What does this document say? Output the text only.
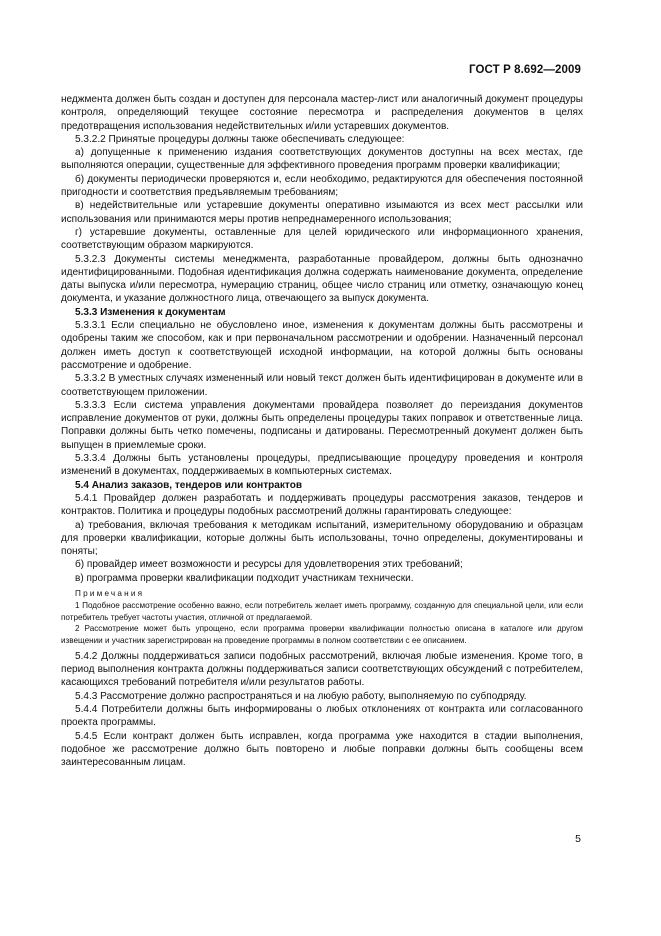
ГОСТ Р 8.692—2009

неджмента должен быть создан и доступен для персонала мастер-лист или аналогичный документ процедуры контроля, определяющий текущее состояние пересмотра и распределения документов в целях предотвращения использования недействительных и/или устаревших документов.

5.3.2.2 Принятые процедуры должны также обеспечивать следующее:

а) допущенные к применению издания соответствующих документов доступны на всех местах, где выполняются операции, существенные для эффективного проведения программ проверки квалификации;

б) документы периодически проверяются и, если необходимо, редактируются для обеспечения постоянной пригодности и соответствия предъявляемым требованиям;

в) недействительные или устаревшие документы оперативно изымаются из всех мест рассылки или использования или принимаются меры против непреднамеренного использования;

г) устаревшие документы, оставленные для целей юридического или информационного хранения, соответствующим образом маркируются.

5.3.2.3 Документы системы менеджмента, разработанные провайдером, должны быть однозначно идентифицированными. Подобная идентификация должна содержать наименование документа, определение даты выпуска и/или пересмотра, нумерацию страниц, общее число страниц или отметку, означающую конец документа, и указание должностного лица, отвечающего за выпуск документа.

5.3.3 Изменения к документам

5.3.3.1 Если специально не обусловлено иное, изменения к документам должны быть рассмотрены и одобрены таким же способом, как и при первоначальном рассмотрении и одобрении. Назначенный персонал должен иметь доступ к соответствующей исходной информации, на которой должны быть основаны рассмотрение и одобрение.

5.3.3.2 В уместных случаях измененный или новый текст должен быть идентифицирован в документе или в соответствующем приложении.

5.3.3.3 Если система управления документами провайдера позволяет до переиздания документов исправление документов от руки, должны быть определены процедуры таких поправок и ответственные лица. Поправки должны быть четко помечены, подписаны и датированы. Пересмотренный документ должен быть выпущен в приемлемые сроки.

5.3.3.4 Должны быть установлены процедуры, предписывающие процедуру проведения и контроля изменений в документах, поддерживаемых в компьютерных системах.

5.4 Анализ заказов, тендеров или контрактов

5.4.1 Провайдер должен разработать и поддерживать процедуры рассмотрения заказов, тендеров и контрактов. Политика и процедуры подобных рассмотрений должны гарантировать следующее:

а) требования, включая требования к методикам испытаний, измерительному оборудованию и образцам для проверки квалификации, которые должны быть использованы, точно определены, документированы и поняты;

б) провайдер имеет возможности и ресурсы для удовлетворения этих требований;

в) программа проверки квалификации подходит участникам технически.

Примечания

1 Подобное рассмотрение особенно важно, если потребитель желает иметь программу, созданную для специальной цели, или если потребитель требует частоты участия, отличной от предлагаемой.

2 Рассмотрение может быть упрощено, если программа проверки квалификации полностью описана в каталоге или другом извещении и участник зарегистрирован на проведение программы в полном соответствии с ее описанием.

5.4.2 Должны поддерживаться записи подобных рассмотрений, включая любые изменения. Кроме того, в период выполнения контракта должны поддерживаться записи соответствующих обсуждений с потребителем, касающихся требований потребителя и/или результатов работы.

5.4.3 Рассмотрение должно распространяться и на любую работу, выполняемую по субподряду.

5.4.4 Потребители должны быть информированы о любых отклонениях от контракта или согласованного проекта программы.

5.4.5 Если контракт должен быть исправлен, когда программа уже находится в стадии выполнения, подобное же рассмотрение должно быть повторено и любые поправки должны быть сообщены всем заинтересованным лицам.

5
